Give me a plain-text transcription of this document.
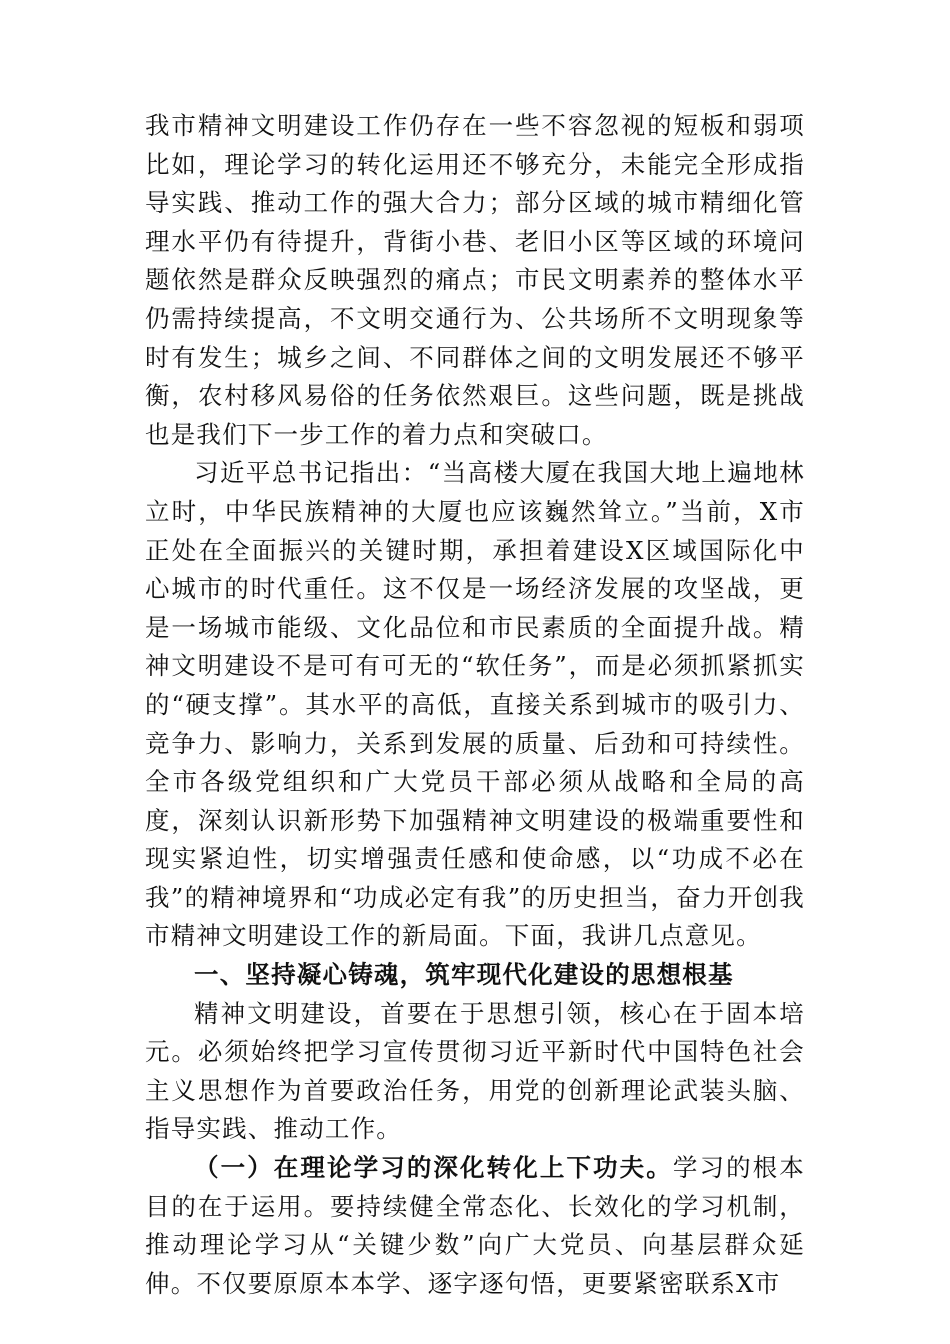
我市精神文明建设工作仍存在一些不容忽视的短板和弱项比如，理论学习的转化运用还不够充分，未能完全形成指导实践、推动工作的强大合力；部分区域的城市精细化管理水平仍有待提升，背街小巷、老旧小区等区域的环境问题依然是群众反映强烈的痛点；市民文明素养的整体水平仍需持续提高，不文明交通行为、公共场所不文明现象等时有发生；城乡之间、不同群体之间的文明发展还不够平衡，农村移风易俗的任务依然艰巨。这些问题，既是挑战也是我们下一步工作的着力点和突破口。

习近平总书记指出：“当高楼大厦在我国大地上遍地林立时，中华民族精神的大厦也应该巍然耸立。”当前，X市正处在全面振兴的关键时期，承担着建设X区域国际化中心城市的时代重任。这不仅是一场经济发展的攻坚战，更是一场城市能级、文化品位和市民素质的全面提升战。精神文明建设不是可有可无的“软任务”，而是必须抓紧抓实的“硬支撑”。其水平的高低，直接关系到城市的吸引力、竞争力、影响力，关系到发展的质量、后劲和可持续性。全市各级党组织和广大党员干部必须从战略和全局的高度，深刻认识新形势下加强精神文明建设的极端重要性和现实紧迫性，切实增强责任感和使命感，以“功成不必在我”的精神境界和“功成必定有我”的历史担当，奋力开创我市精神文明建设工作的新局面。下面，我讲几点意见。

一、坚持凝心铸魂，筑牢现代化建设的思想根基

精神文明建设，首要在于思想引领，核心在于固本培元。必须始终把学习宣传贯彻习近平新时代中国特色社会主义思想作为首要政治任务，用党的创新理论武装头脑、指导实践、推动工作。

（一）在理论学习的深化转化上下功夫。学习的根本目的在于运用。要持续健全常态化、长效化的学习机制，推动理论学习从“关键少数”向广大党员、向基层群众延伸。不仅要原原本本学、逐字逐句悟，更要紧密联系X市
